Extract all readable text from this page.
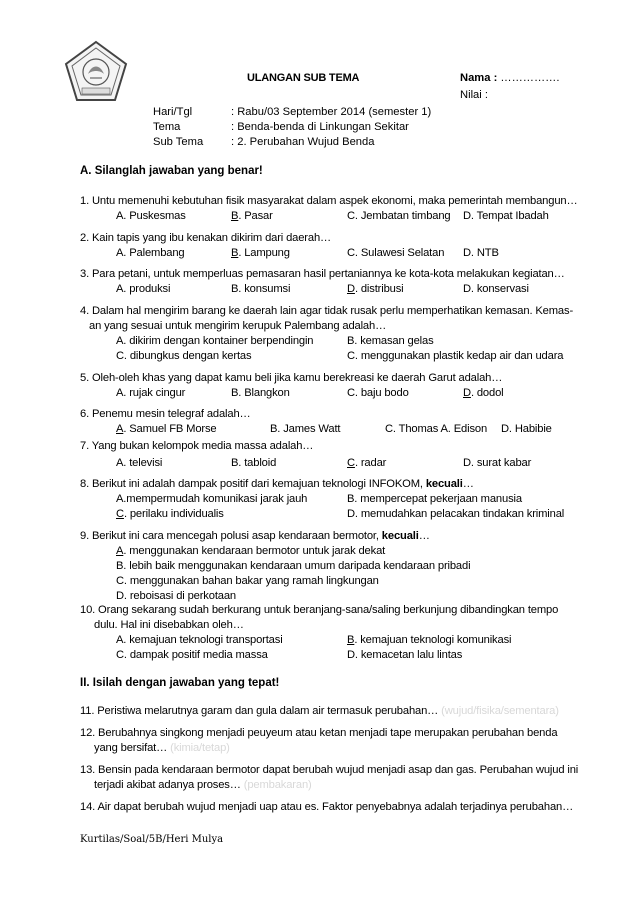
ULANGAN SUB TEMA	Nama : …………….
Nilai :
Hari/Tgl	: Rabu/03 September 2014 (semester 1)
Tema	: Benda-benda di Linkungan Sekitar
Sub Tema : 2. Perubahan Wujud Benda
A. Silanglah jawaban yang benar!
1. Untu memenuhi kebutuhan fisik masyarakat dalam aspek ekonomi, maka pemerintah membangun…
A. Puskesmas	B. Pasar	C. Jembatan timbang D. Tempat Ibadah
2. Kain tapis yang ibu kenakan dikirim dari daerah…
A. Palembang	B. Lampung	C. Sulawesi Selatan D. NTB
3. Para petani, untuk memperluas pemasaran hasil pertaniannya ke kota-kota melakukan kegiatan…
A. produksi	B. konsumsi	D. distribusi	D. konservasi
4. Dalam hal mengirim barang ke daerah lain agar tidak rusak perlu memperhatikan kemasan. Kemas-
an yang sesuai untuk mengirim kerupuk Palembang adalah…
A. dikirim dengan kontainer berpendingin	B. kemasan gelas
C. dibungkus dengan kertas	C. menggunakan plastik kedap air dan udara
5. Oleh-oleh khas yang dapat kamu beli jika kamu berekreasi ke daerah Garut adalah…
A. rujak cingur	B. Blangkon	C. baju bodo	D. dodol
6. Penemu mesin telegraf adalah…
A. Samuel FB Morse	B. James Watt	C. Thomas A. Edison D. Habibie
7. Yang bukan kelompok media massa adalah…
A. televisi	B. tabloid	C. radar	D. surat kabar
8. Berikut ini adalah dampak positif dari kemajuan teknologi INFOKOM, kecuali…
A.mempermudah komunikasi jarak jauh	B. mempercepat pekerjaan manusia
C. perilaku individualis	D. memudahkan pelacakan tindakan kriminal
9. Berikut ini cara mencegah polusi asap kendaraan bermotor, kecuali…
A. menggunakan kendaraan bermotor untuk jarak dekat
B. lebih baik menggunakan kendaraan umum daripada kendaraan pribadi
C. menggunakan bahan bakar yang ramah lingkungan
D. reboisasi di perkotaan
10. Orang sekarang sudah berkurang untuk beranjang-sana/saling berkunjung dibandingkan tempo
dulu. Hal ini disebabkan oleh…
A. kemajuan teknologi transportasi	B. kemajuan teknologi komunikasi
C. dampak positif media massa	D. kemacetan lalu lintas
II. Isilah dengan jawaban yang tepat!
11. Peristiwa melarutnya garam dan gula dalam air termasuk perubahan… (wujud/fisika/sementara)
12. Berubahnya singkong menjadi peuyeum atau ketan menjadi tape merupakan perubahan benda
yang bersifat… (kimia/tetap)
13. Bensin pada kendaraan bermotor dapat berubah wujud menjadi asap dan gas. Perubahan wujud ini
terjadi akibat adanya proses… (pembakaran)
14. Air dapat berubah wujud menjadi uap atau es. Faktor penyebabnya adalah terjadinya perubahan…
Kurtilas/Soal/5B/Heri Mulya
